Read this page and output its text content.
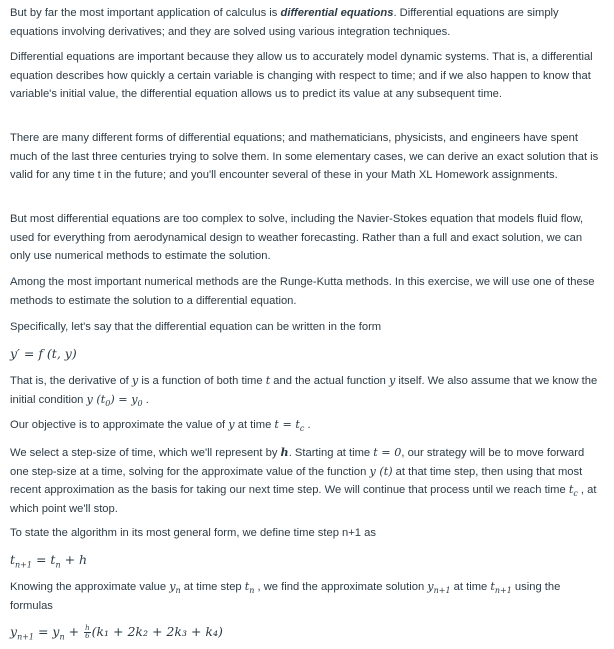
But by far the most important application of calculus is differential equations. Differential equations are simply equations involving derivatives; and they are solved using various integration techniques.

Differential equations are important because they allow us to accurately model dynamic systems. That is, a differential equation describes how quickly a certain variable is changing with respect to time; and if we also happen to know that variable's initial value, the differential equation allows us to predict its value at any subsequent time.

There are many different forms of differential equations; and mathematicians, physicists, and engineers have spent much of the last three centuries trying to solve them. In some elementary cases, we can derive an exact solution that is valid for any time t in the future; and you'll encounter several of these in your Math XL Homework assignments.

But most differential equations are too complex to solve, including the Navier-Stokes equation that models fluid flow, used for everything from aerodynamical design to weather forecasting. Rather than a full and exact solution, we can only use numerical methods to estimate the solution.

Among the most important numerical methods are the Runge-Kutta methods. In this exercise, we will use one of these methods to estimate the solution to a differential equation.

Specifically, let's say that the differential equation can be written in the form

y′ = f (t, y)

That is, the derivative of y is a function of both time t and the actual function y itself. We also assume that we know the initial condition y $(t_0) = y_0$ .

Our objective is to approximate the value of y at time $t = t_c$ .

We select a step-size of time, which we'll represent by h. Starting at time t = 0, our strategy will be to move forward one step-size at a time, solving for the approximate value of the function y (t) at that time step, then using that most recent approximation as the basis for taking our next time step. We will continue that process until we reach time $t_c$ , at which point we'll stop.

To state the algorithm in its most general form, we define time step n+1 as

$t_{n+1} = t_n + h$

Knowing the approximate value $y_n$ at time step $t_n$ , we find the approximate solution $y_{n+1}$ at time $t_{n+1}$ using the formulas

$y_{n+1} = y_n + \frac{h}{6} (k_1 + 2k_2 + 2k_3 + k_4)$
